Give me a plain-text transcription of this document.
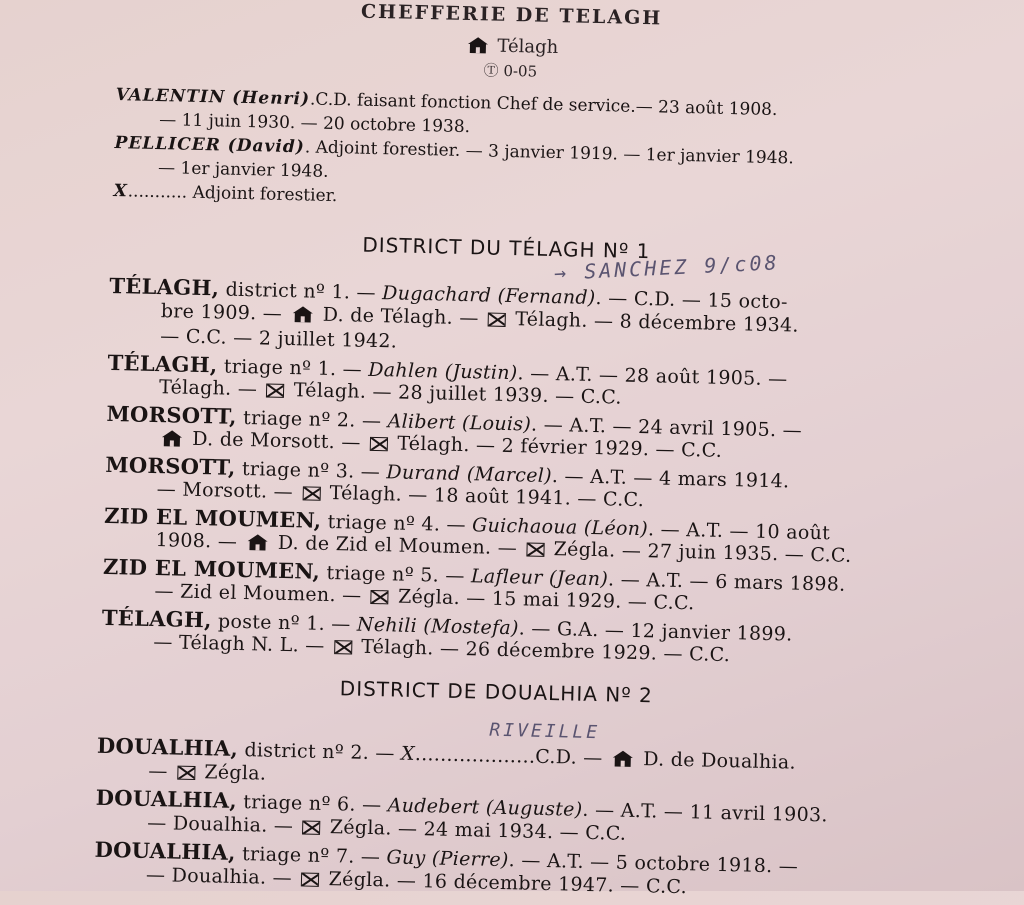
CHEFFERIE DE TELAGH
Télagh
Ⓣ 0-05
VALENTIN (Henri).C.D. faisant fonction Chef de service.— 23 août 1908.
— 11 juin 1930. — 20 octobre 1938.
PELLICER (David). Adjoint forestier. — 3 janvier 1919. — 1er janvier 1948.
— 1er janvier 1948.
X........... Adjoint forestier.
DISTRICT DU TÉLAGH Nº 1
→ SANCHEZ 9/c08
TÉLAGH, district nº 1. — Dugachard (Fernand). — C.D. — 15 octo-
bre 1909. —  D. de Télagh. —  Télagh. — 8 décembre 1934.
— C.C. — 2 juillet 1942.
TÉLAGH, triage nº 1. — Dahlen (Justin). — A.T. — 28 août 1905. —
Télagh. —  Télagh. — 28 juillet 1939. — C.C.
MORSOTT, triage nº 2. — Alibert (Louis). — A.T. — 24 avril 1905. —
D. de Morsott. —  Télagh. — 2 février 1929. — C.C.
MORSOTT, triage nº 3. — Durand (Marcel). — A.T. — 4 mars 1914.
— Morsott. —  Télagh. — 18 août 1941. — C.C.
ZID EL MOUMEN, triage nº 4. — Guichaoua (Léon). — A.T. — 10 août
1908. —  D. de Zid el Moumen. —  Zégla. — 27 juin 1935. — C.C.
ZID EL MOUMEN, triage nº 5. — Lafleur (Jean). — A.T. — 6 mars 1898.
— Zid el Moumen. —  Zégla. — 15 mai 1929. — C.C.
TÉLAGH, poste nº 1. — Nehili (Mostefa). — G.A. — 12 janvier 1899.
— Télagh N. L. —  Télagh. — 26 décembre 1929. — C.C.
DISTRICT DE DOUALHIA Nº 2
RIVEILLE
DOUALHIA, district nº 2. — X...................C.D. —  D. de Doualhia.
—  Zégla.
DOUALHIA, triage nº 6. — Audebert (Auguste). — A.T. — 11 avril 1903.
— Doualhia. —  Zégla. — 24 mai 1934. — C.C.
DOUALHIA, triage nº 7. — Guy (Pierre). — A.T. — 5 octobre 1918. —
— Doualhia. —  Zégla. — 16 décembre 1947. — C.C.
